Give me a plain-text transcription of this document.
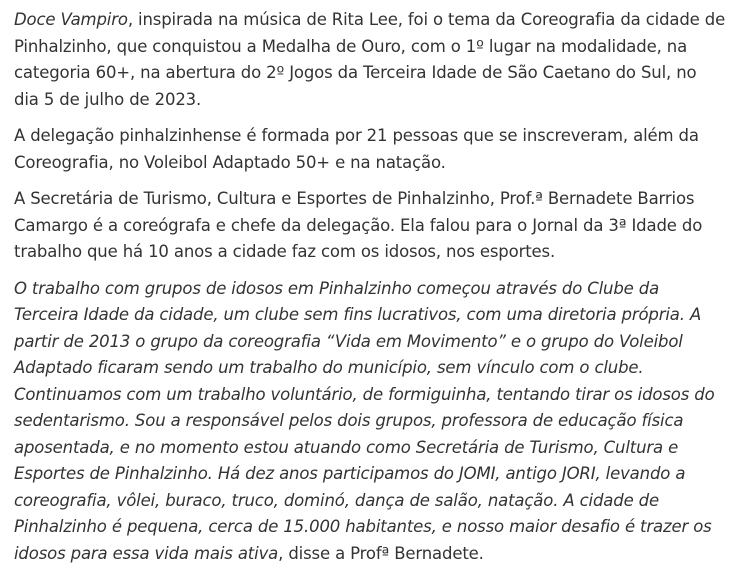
Doce Vampiro, inspirada na música de Rita Lee, foi o tema da Coreografia da cidade de Pinhalzinho, que conquistou a Medalha de Ouro, com o 1º lugar na modalidade, na categoria 60+, na abertura do 2º Jogos da Terceira Idade de São Caetano do Sul, no dia 5 de julho de 2023.

A delegação pinhalzinhense é formada por 21 pessoas que se inscreveram, além da Coreografia, no Voleibol Adaptado 50+ e na natação.

A Secretária de Turismo, Cultura e Esportes de Pinhalzinho, Prof.ª Bernadete Barrios Camargo é a coreógrafa e chefe da delegação. Ela falou para o Jornal da 3ª Idade do trabalho que há 10 anos a cidade faz com os idosos, nos esportes.

O trabalho com grupos de idosos em Pinhalzinho começou através do Clube da Terceira Idade da cidade, um clube sem fins lucrativos, com uma diretoria própria. A partir de 2013 o grupo da coreografia “Vida em Movimento” e o grupo do Voleibol Adaptado ficaram sendo um trabalho do município, sem vínculo com o clube. Continuamos com um trabalho voluntário, de formiguinha, tentando tirar os idosos do sedentarismo. Sou a responsável pelos dois grupos, professora de educação física aposentada, e no momento estou atuando como Secretária de Turismo, Cultura e Esportes de Pinhalzinho. Há dez anos participamos do JOMI, antigo JORI, levando a coreografia, vôlei, buraco, truco, dominó, dança de salão, natação. A cidade de Pinhalzinho é pequena, cerca de 15.000 habitantes, e nosso maior desafio é trazer os idosos para essa vida mais ativa, disse a Profª Bernadete.
